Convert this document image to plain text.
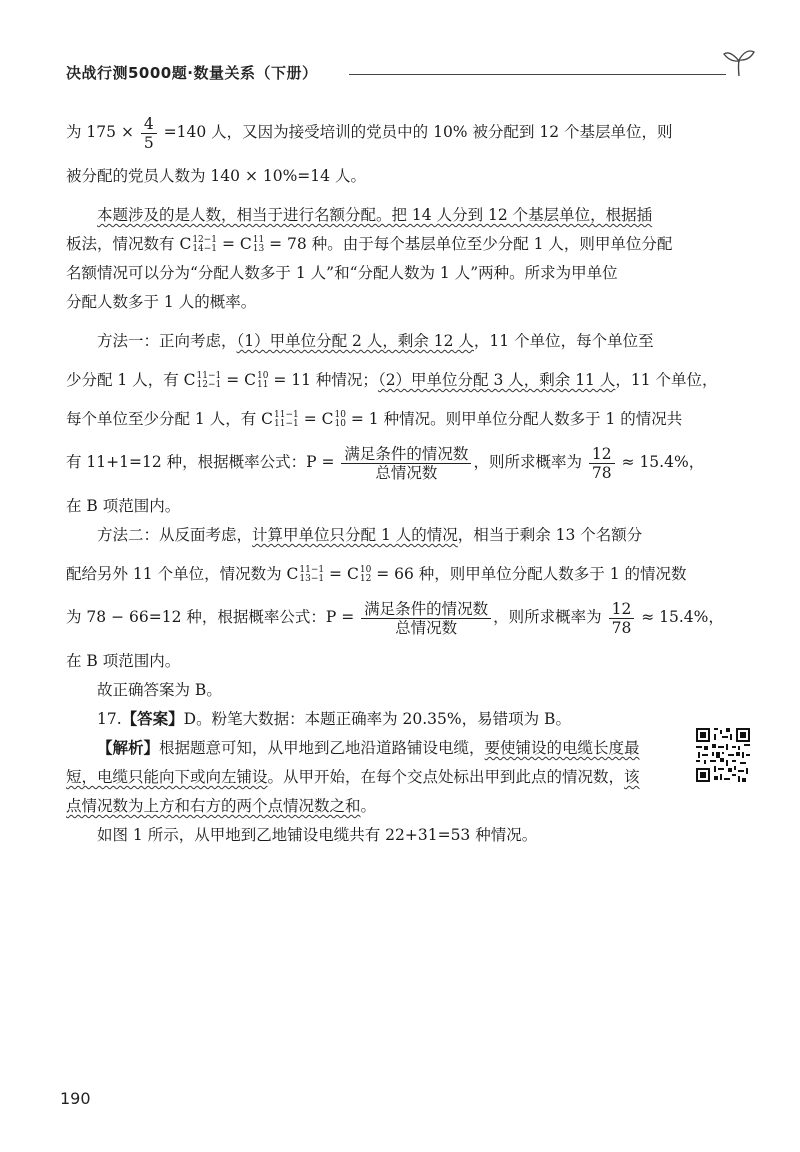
决战行测5000题·数量关系（下册）

为 $175 \times \frac{4}{5} =140$ 人，又因为接受培训的党员中的 10% 被分配到 12 个基层单位，则

被分配的党员人数为 140 × 10%=14 人。

本题涉及的是人数，相当于进行名额分配。把 14 人分到 12 个基层单位，根据插

板法，情况数有 C 12−1
14−1 = C 11
13 = 78 种。由于每个基层单位至少分配 1 人，则甲单位分配

名额情况可以分为“分配人数多于 1 人”和“分配人数为 1 人”两种。所求为甲单位

分配人数多于 1 人的概率。

方法一：正向考虑，（1）甲单位分配 2 人，剩余 12 人，11 个单位，每个单位至

少分配 1 人，有 C 11−1
12−1 = C 10
11 = 11 种情况；（2）甲单位分配 3 人，剩余 11 人，11 个单位，

每个单位至少分配 1 人，有 C 11−1
11−1 = C 10
10 = 1 种情况。则甲单位分配人数多于 1 的情况共

有 11+1=12 种，根据概率公式：$P = \frac{\text{满足条件的情况数}}{\text{总情况数}}$ ，则所求概率为 $\frac{12}{78} \approx 15.4\%$，

在 B 项范围内。

方法二：从反面考虑，计算甲单位只分配 1 人的情况，相当于剩余 13 个名额分

配给另外 11 个单位，情况数为 C 11−1
13−1 = C 10
12 = 66 种，则甲单位分配人数多于 1 的情况数

为 78 − 66=12 种，根据概率公式：$P = \frac{\text{满足条件的情况数}}{\text{总情况数}}$ ，则所求概率为 $\frac{12}{78} \approx 15.4\%$，

在 B 项范围内。

故正确答案为 B。

17.【答案】D。粉笔大数据：本题正确率为 20.35%，易错项为 B。

【解析】根据题意可知，从甲地到乙地沿道路铺设电缆，要使铺设的电缆长度最

短，电缆只能向下或向左铺设。从甲开始，在每个交点处标出甲到此点的情况数，该

点情况数为上方和右方的两个点情况数之和。

如图 1 所示，从甲地到乙地铺设电缆共有 22+31=53 种情况。

190
